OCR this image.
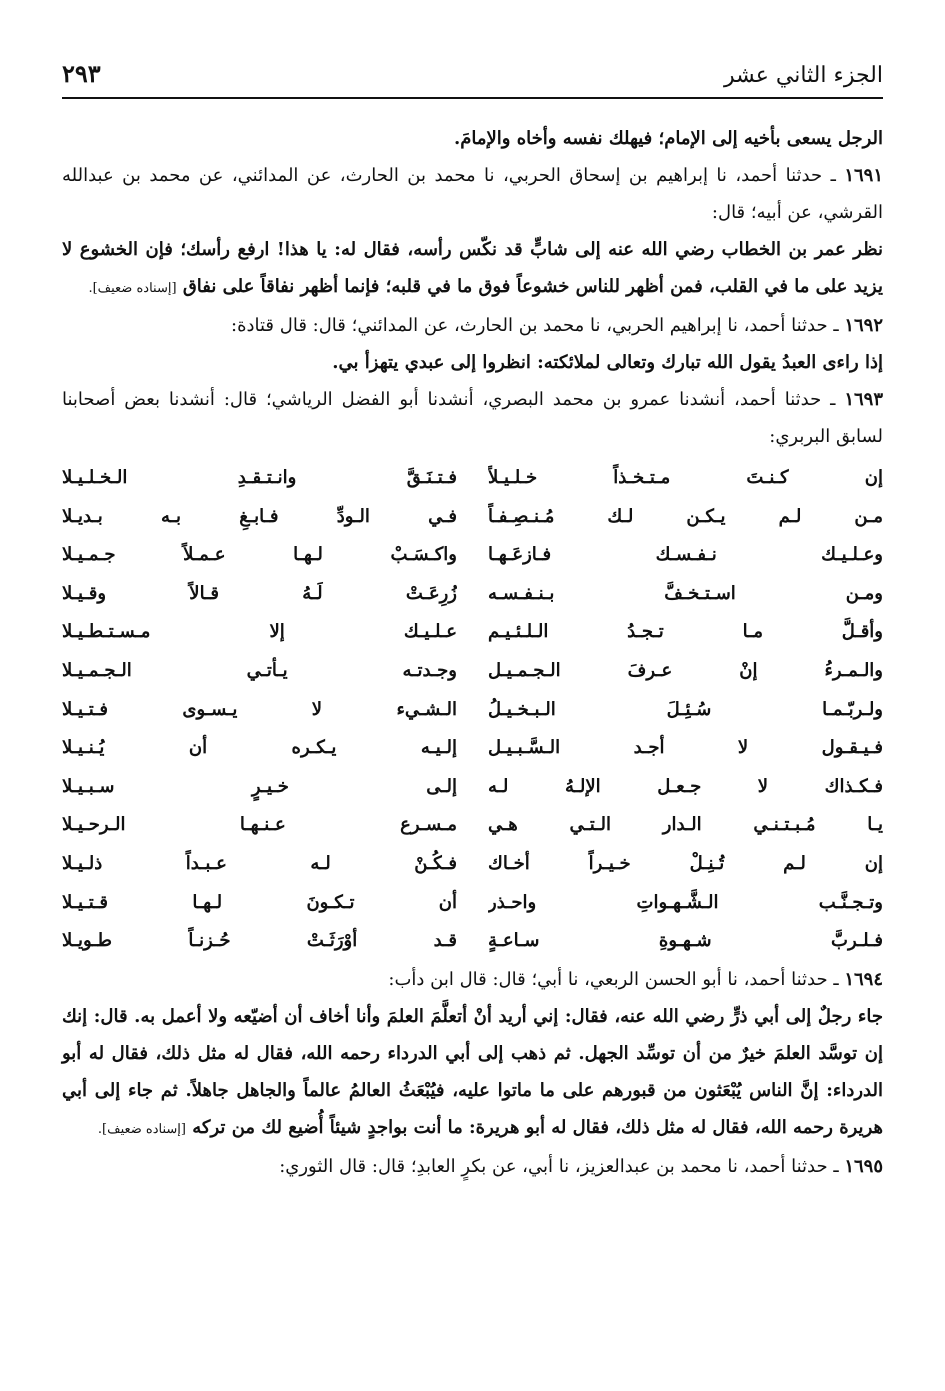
الجزء الثاني عشر
٢٩٣

الرجل يسعى بأخيه إلى الإمام؛ فيهلك نفسه وأخاه والإمامَ.

١٦٩١ ـ حدثنا أحمد، نا إبراهيم بن إسحاق الحربي، نا محمد بن الحارث، عن المدائني، عن محمد بن عبدالله القرشي، عن أبيه؛ قال:

نظر عمر بن الخطاب رضي الله عنه إلى شابٍّ قد نكّس رأسه، فقال له: يا هذا! ارفع رأسك؛ فإن الخشوع لا يزيد على ما في القلب، فمن أظهر للناس خشوعاً فوق ما في قلبه؛ فإنما أظهر نفاقاً على نفاق [إسناده ضعيف].

١٦٩٢ ـ حدثنا أحمد، نا إبراهيم الحربي، نا محمد بن الحارث، عن المدائني؛ قال: قال قتادة:

إذا راءى العبدُ يقول الله تبارك وتعالى لملائكته: انظروا إلى عبدي يتهزأ بي.

١٦٩٣ ـ حدثنا أحمد، أنشدنا عمرو بن محمد البصري، أنشدنا أبو الفضل الرياشي؛ قال: أنشدنا بعض أصحابنا لسابق البربري:

إن كـنـتَ مـتـخـذاً خـلـيـلاً
فـتـنَـقَّ وانـتـقـدِ الـخـلـيـلا
مـن لـم يـكـن لـك مُـنـصِـفـاً
فـي الـودِّ فـابـغِ بـه بـديـلا
وعـلـيـك نـفـسـك فـازعَـهـا
واكـسَـبْ لـهـا عـمـلاً جـمـيـلا
ومـن اسـتـخـفَّ بـنـفـسـه
زُرِعَـتْ لَـهُ قـالاً وقـيـلا
وأقـلَّ مـا تـجـدُ الـلـئـيـم
عـلـيـك إلا مـسـتـطـيـلا
والـمـرءُ إنْ عـرفَ الـجـمـيـل
وجـدتـه يـأتـي الـجـمـيـلا
ولـربّـمـا سُـئِـلَ الـبـخـيـلُ
الـشـيء لا يـسـوى فـتـيـلا
فـيـقـول لا أجـد الـسَّـبـيـل
إلـيـه يـكـره أن يُـنـيـلا
فـكـذاك لا جـعـل الإلـهُ لـه
إلـى خـيـرٍ سـبـيـلا
يـا مُـبـتـنـي الـدار الـتـي هـي
مـسـرع عـنـهـا الـرحـيـلا
إن لـم تُـنِـلْ خـيـراً أخـاك
فـكُـنْ لـه عـبـداً ذلـيـلا
وتـجـنَّـب الـشَّـهـواتِ واحـذر
أن تـكـونَ لـهـا قـتـيـلا
فـلـربَّ شـهـوةِ سـاعـةٍ
قـد أوْرَثَـتْ حُـزنـاً طـويـلا

١٦٩٤ ـ حدثنا أحمد، نا أبو الحسن الربعي، نا أبي؛ قال: قال ابن دأب:

جاء رجلٌ إلى أبي ذرٍّ رضي الله عنه، فقال: إني أريد أنْ أتعلَّمَ العلمَ وأنا أخاف أن أضيّعه ولا أعمل به. قال: إنك إن توسَّد العلمَ خيرٌ من أن توسِّد الجهل. ثم ذهب إلى أبي الدرداء رحمه الله، فقال له مثل ذلك، فقال له أبو الدرداء: إنَّ الناس يُبْعَثون من قبورهم على ما ماتوا عليه، فيُبْعَثُ العالمُ عالماً والجاهل جاهلاً. ثم جاء إلى أبي هريرة رحمه الله، فقال له مثل ذلك، فقال له أبو هريرة: ما أنت بواجدٍ شيئاً أُضيع لك من تركه [إسناده ضعيف].

١٦٩٥ ـ حدثنا أحمد، نا محمد بن عبدالعزيز، نا أبي، عن بكرٍ العابدِ؛ قال: قال الثوري:
